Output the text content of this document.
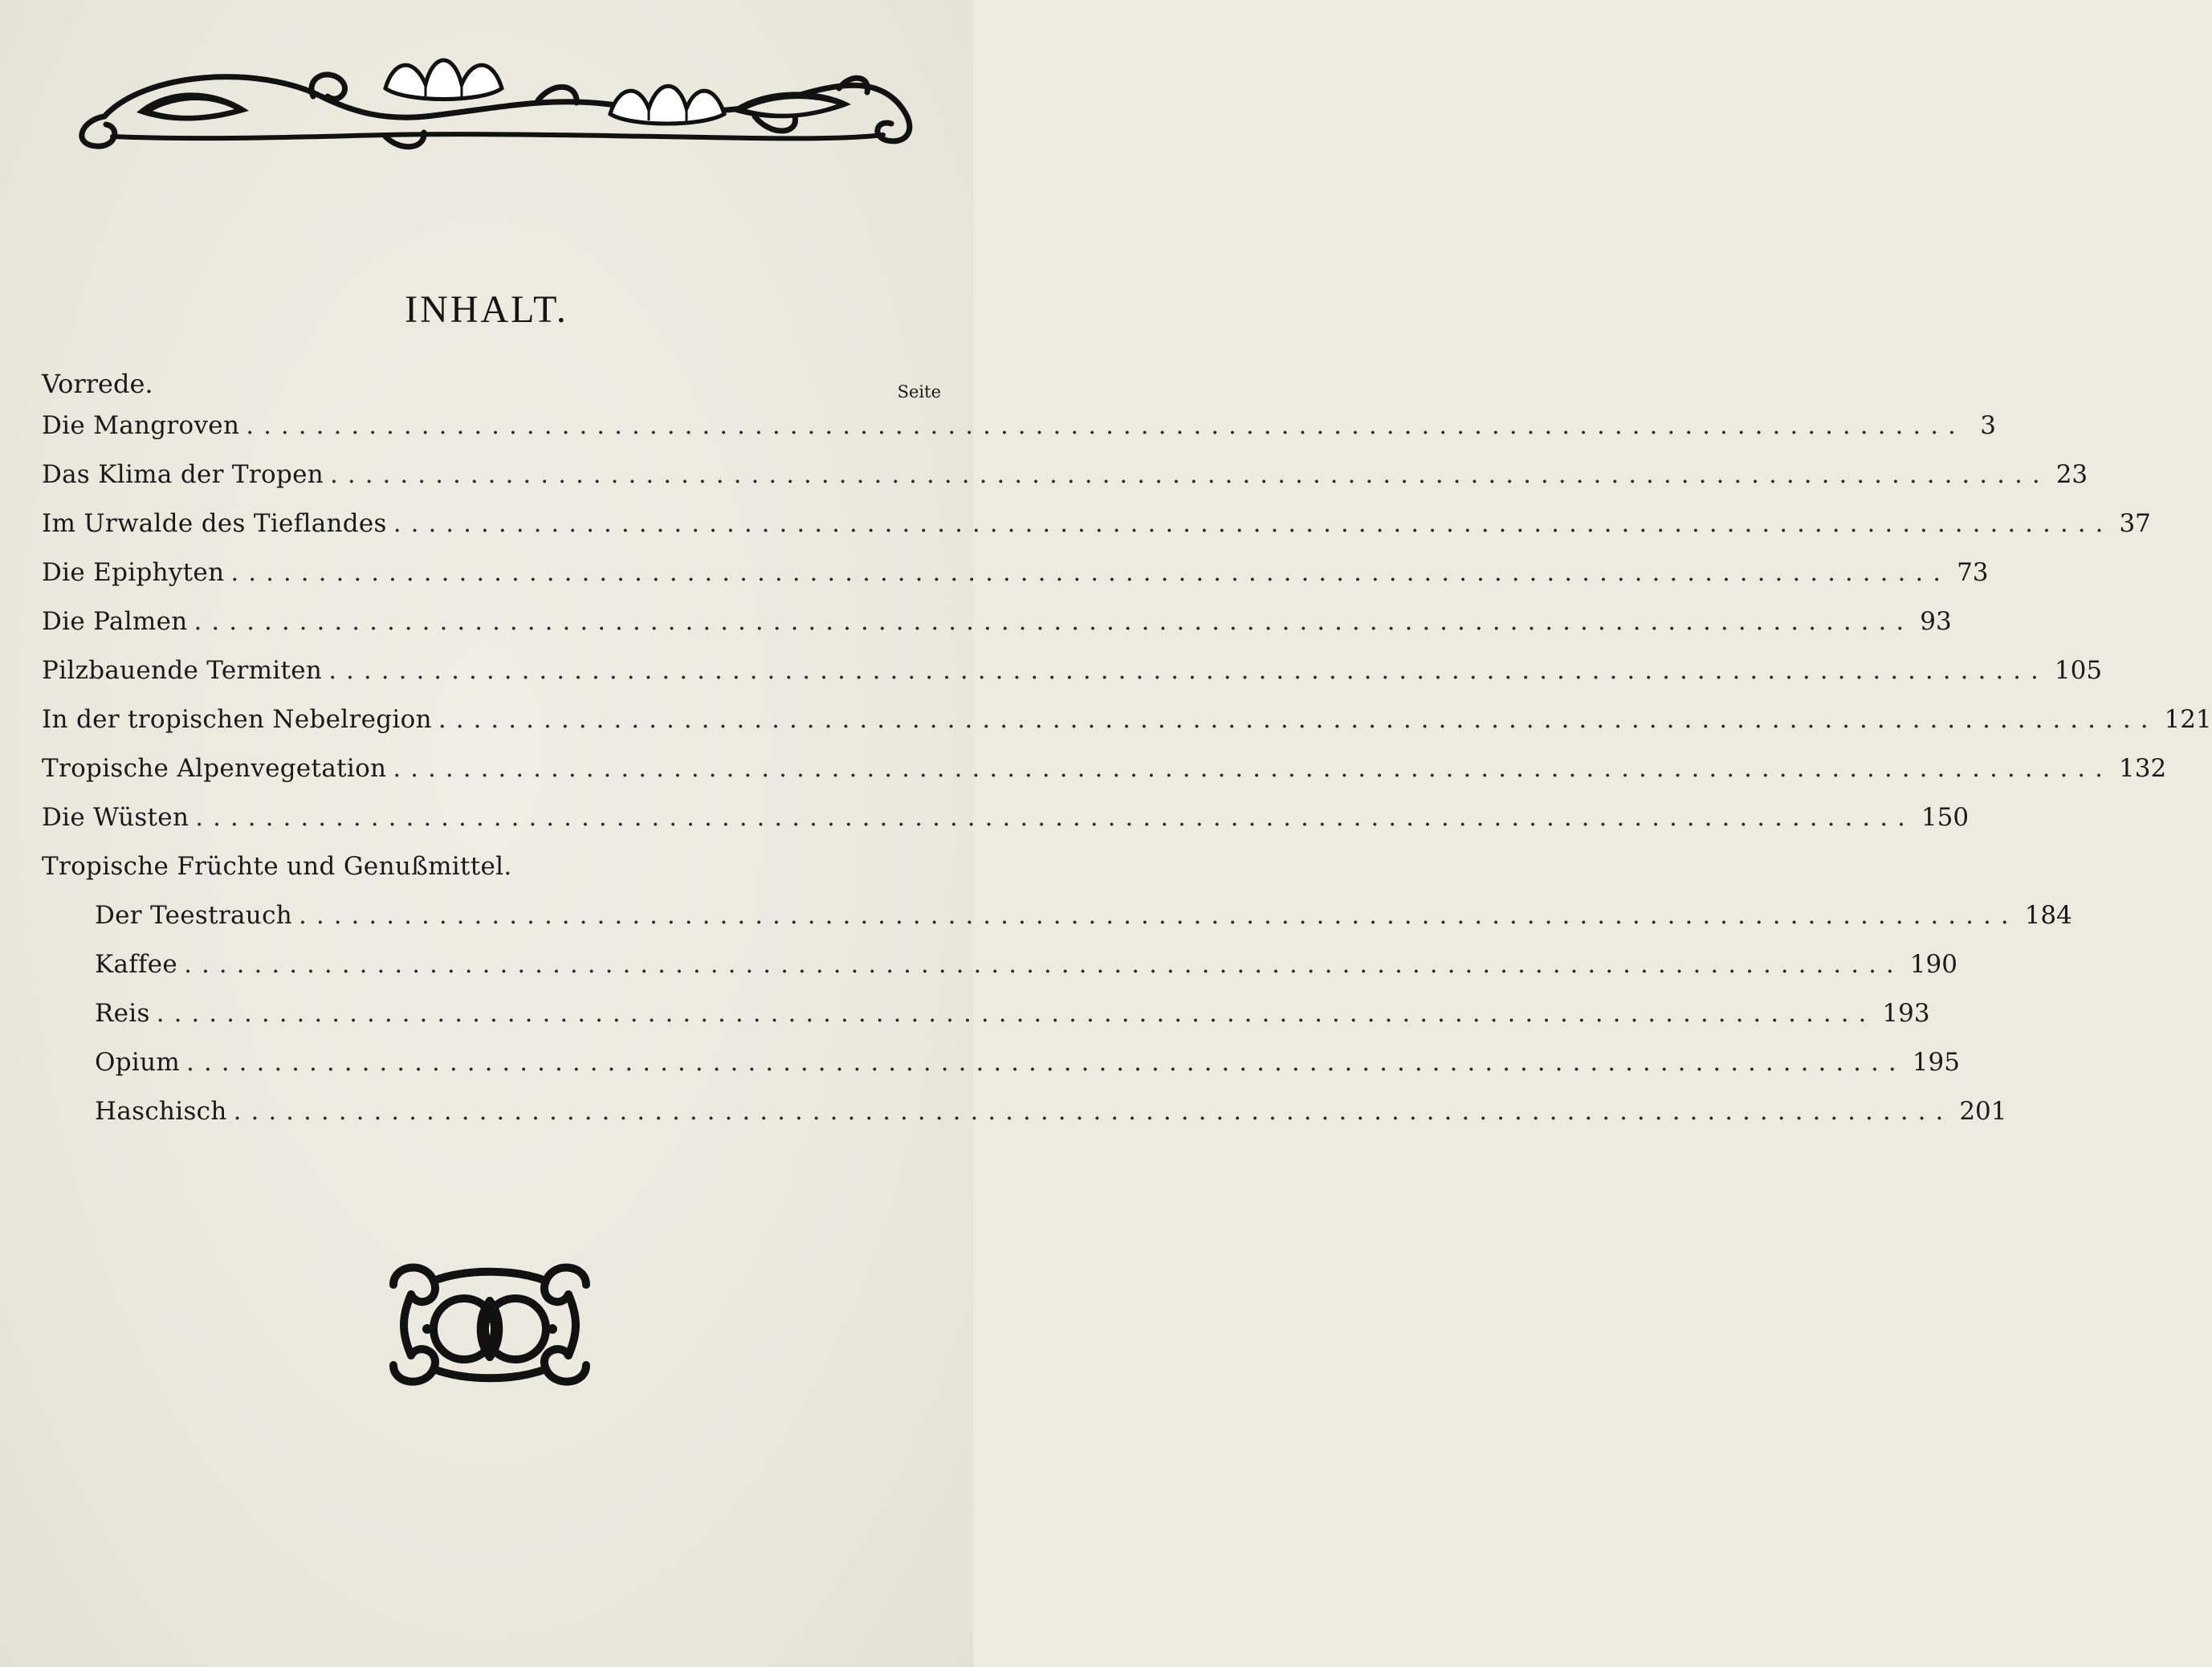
INHALT.
Vorrede.	Seite
Die Mangroven .................................................................................................. 3
Das Klima der Tropen .................................................................................................. 23
Im Urwalde des Tieflandes .................................................................................................. 37
Die Epiphyten .................................................................................................. 73
Die Palmen .................................................................................................. 93
Pilzbauende Termiten .................................................................................................. 105
In der tropischen Nebelregion .................................................................................................. 121
Tropische Alpenvegetation .................................................................................................. 132
Die Wüsten .................................................................................................. 150
Tropische Früchte und Genußmittel.
Der Teestrauch .................................................................................................. 184
Kaffee .................................................................................................. 190
Reis .................................................................................................. 193
Opium .................................................................................................. 195
Haschisch .................................................................................................. 201
